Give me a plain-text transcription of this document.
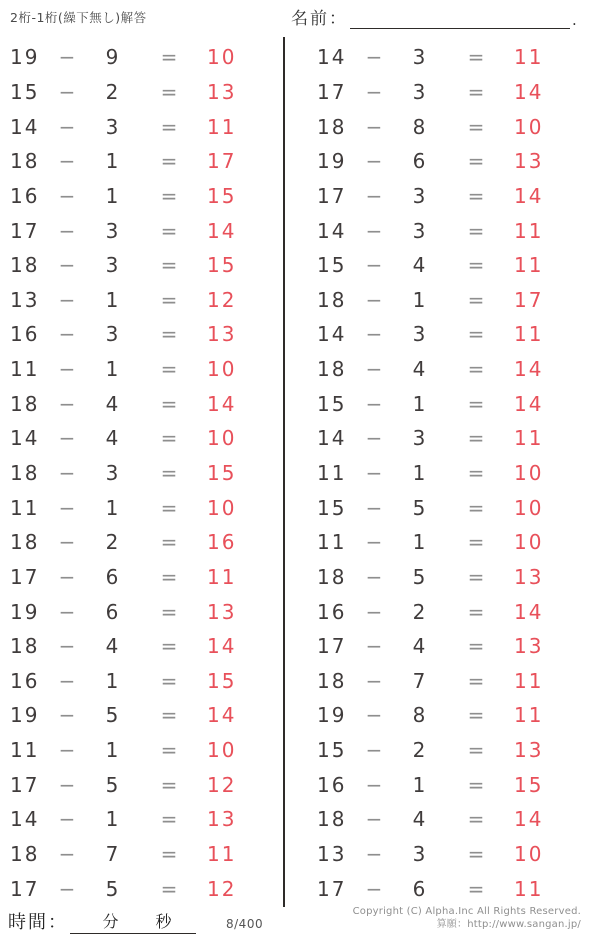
2桁-1桁(繰下無し)解答	名前：	.
19 −	9	=	10
15 −	2	=	13
14 −	3	=	11
18 −	1	=	17
16 −	1	=	15
17 −	3	=	14
18 −	3	=	15
13 −	1	=	12
16 −	3	=	13
11 −	1	=	10
18 −	4	=	14
14 −	4	=	10
18 −	3	=	15
11 −	1	=	10
18 −	2	=	16
17 −	6	=	11
19 −	6	=	13
18 −	4	=	14
16 −	1	=	15
19 −	5	=	14
11 −	1	=	10
17 −	5	=	12
14 −	1	=	13
18 −	7	=	11
17 −	5	=	12
14 −	3	=	11
17 −	3	=	14
18 −	8	=	10
19 −	6	=	13
17 −	3	=	14
14 −	3	=	11
15 −	4	=	11
18 −	1	=	17
14 −	3	=	11
18 −	4	=	14
15 −	1	=	14
14 −	3	=	11
11 −	1	=	10
15 −	5	=	10
11 −	1	=	10
18 −	5	=	13
16 −	2	=	14
17 −	4	=	13
18 −	7	=	11
19 −	8	=	11
15 −	2	=	13
16 −	1	=	15
18 −	4	=	14
13 −	3	=	10
17 −	6	=	11
時間： 分 秒	8/400
Copyright (C) Alpha.Inc All Rights Reserved.
算願：http://www.sangan.jp/
